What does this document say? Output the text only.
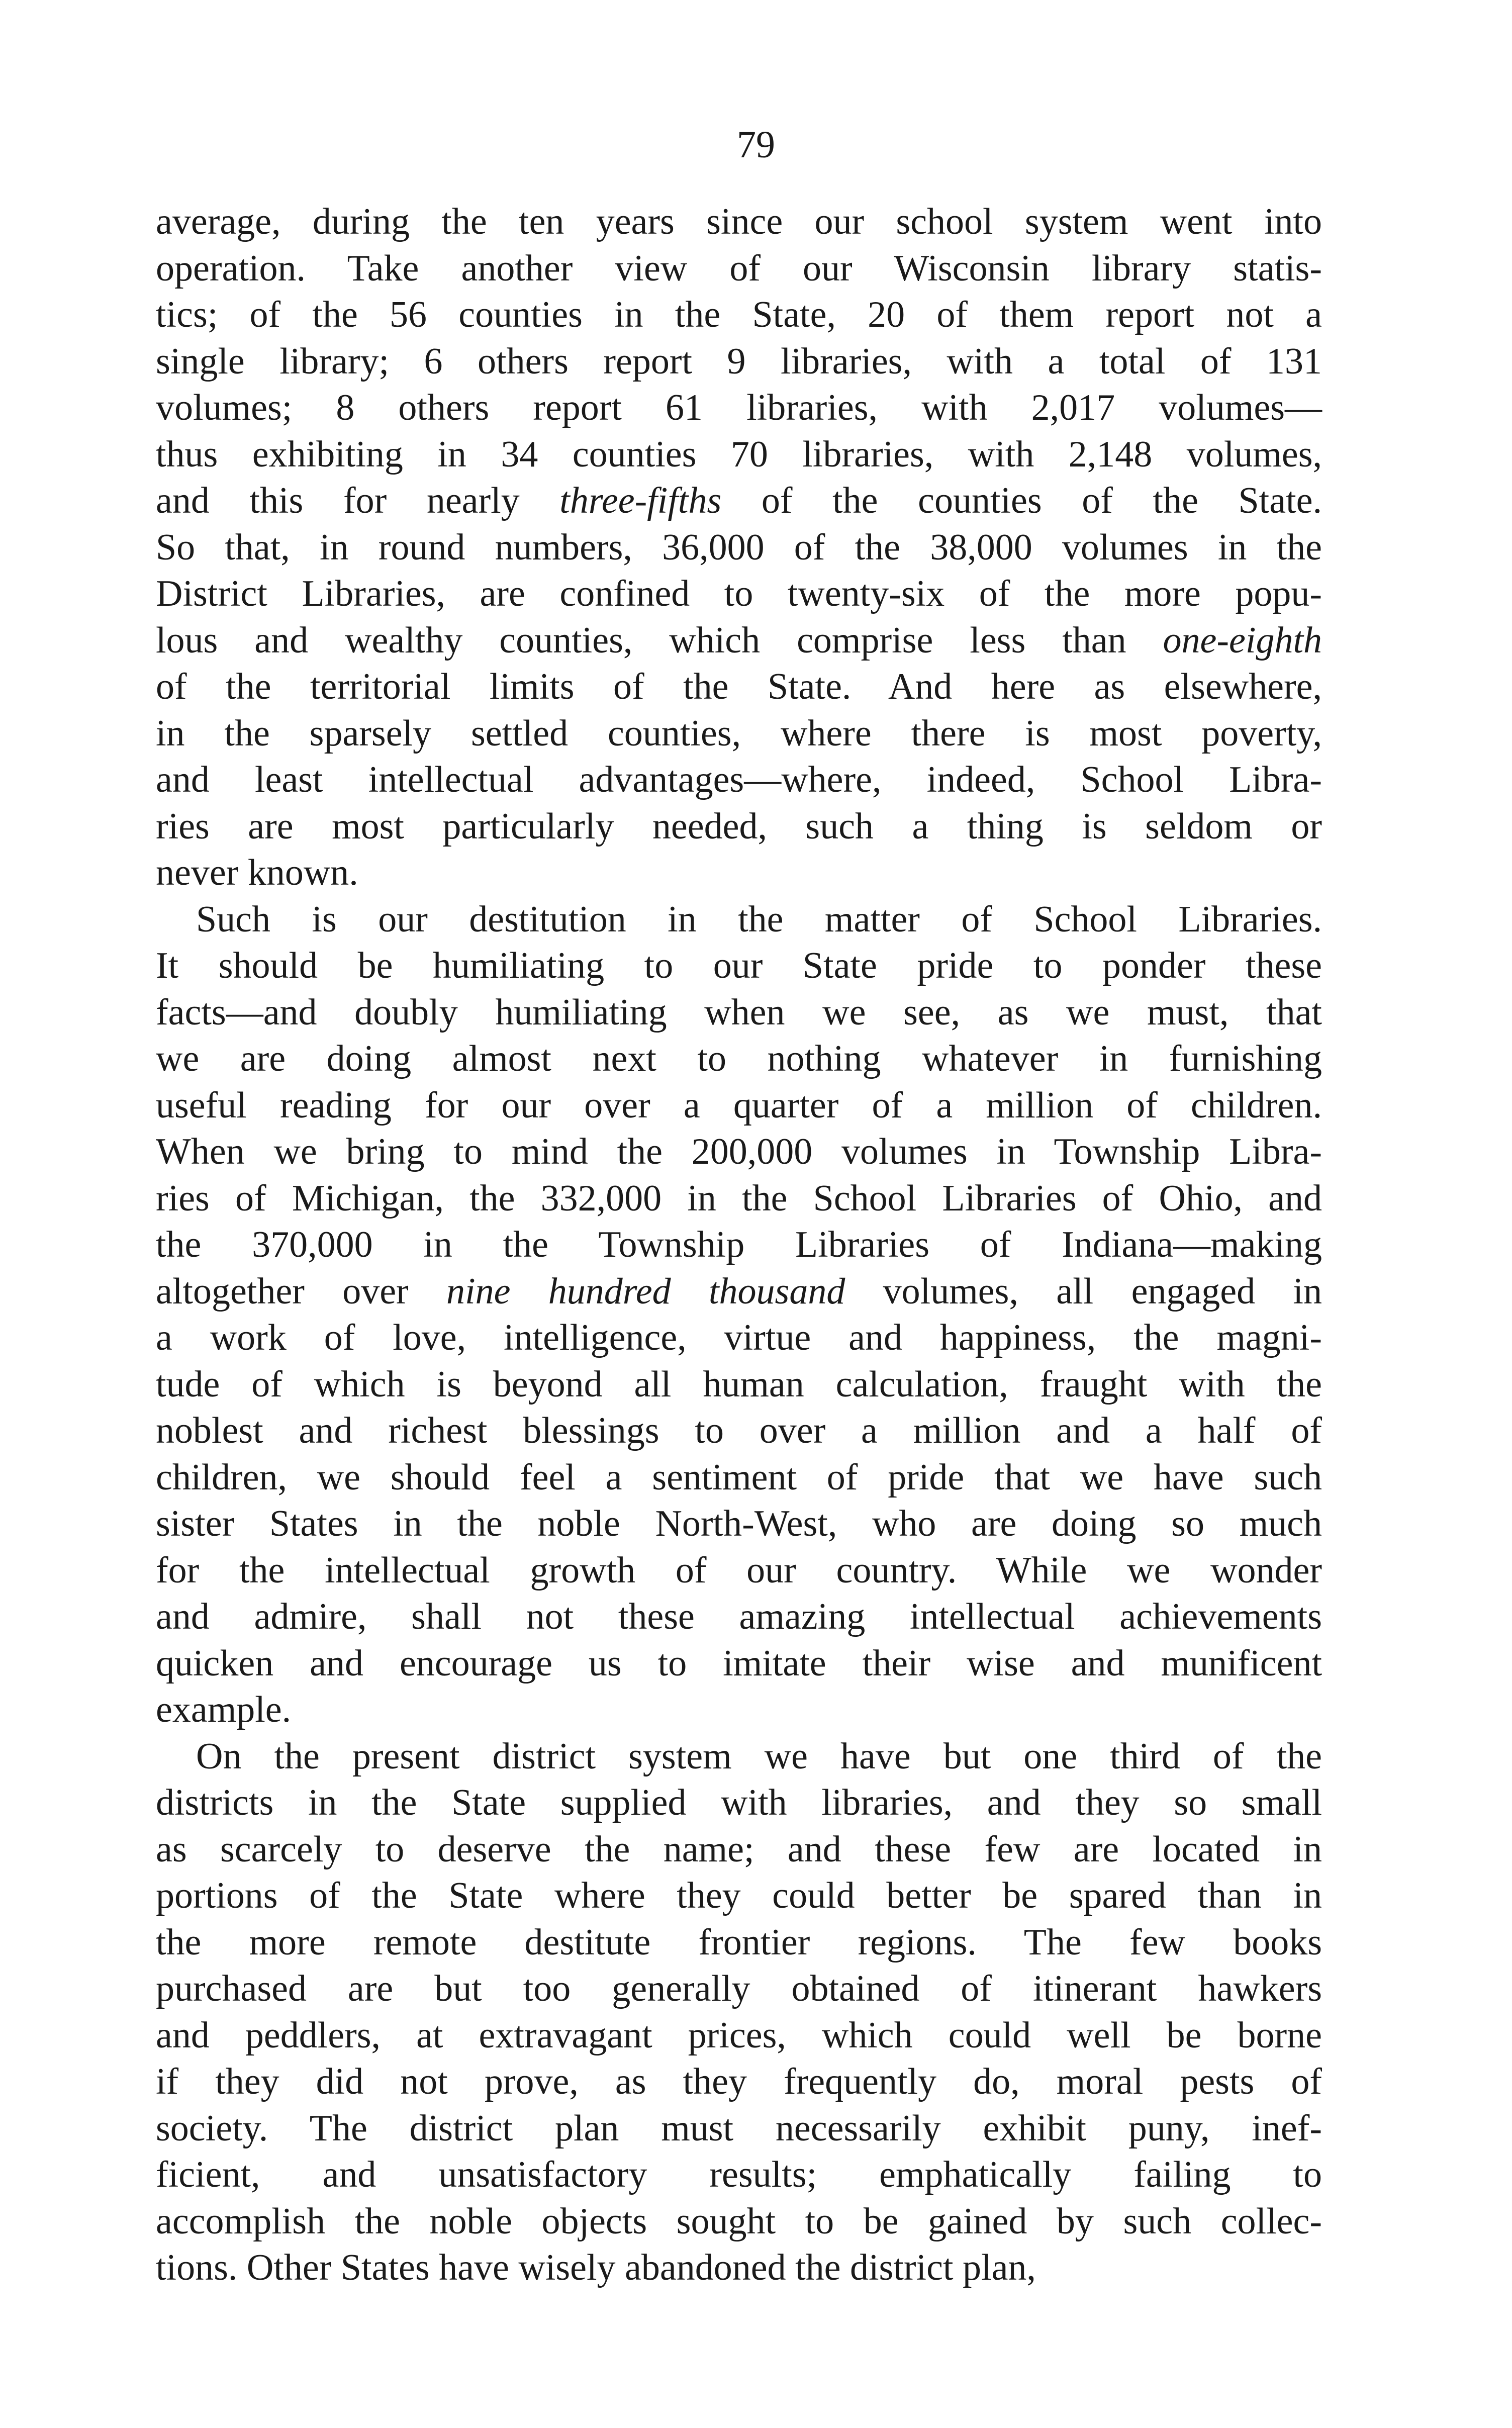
79
average, during the ten years since our school system went into
operation. Take another view of our Wisconsin library statis-
tics; of the 56 counties in the State, 20 of them report not a
single library; 6 others report 9 libraries, with a total of 131
volumes; 8 others report 61 libraries, with 2,017 volumes—
thus exhibiting in 34 counties 70 libraries, with 2,148 volumes,
and this for nearly three-fifths of the counties of the State.
So that, in round numbers, 36,000 of the 38,000 volumes in the
District Libraries, are confined to twenty-six of the more popu-
lous and wealthy counties, which comprise less than one-eighth
of the territorial limits of the State. And here as elsewhere,
in the sparsely settled counties, where there is most poverty,
and least intellectual advantages—where, indeed, School Libra-
ries are most particularly needed, such a thing is seldom or
never known.
Such is our destitution in the matter of School Libraries.
It should be humiliating to our State pride to ponder these
facts—and doubly humiliating when we see, as we must, that
we are doing almost next to nothing whatever in furnishing
useful reading for our over a quarter of a million of children.
When we bring to mind the 200,000 volumes in Township Libra-
ries of Michigan, the 332,000 in the School Libraries of Ohio, and
the 370,000 in the Township Libraries of Indiana—making
altogether over nine hundred thousand volumes, all engaged in
a work of love, intelligence, virtue and happiness, the magni-
tude of which is beyond all human calculation, fraught with the
noblest and richest blessings to over a million and a half of
children, we should feel a sentiment of pride that we have such
sister States in the noble North-West, who are doing so much
for the intellectual growth of our country. While we wonder
and admire, shall not these amazing intellectual achievements
quicken and encourage us to imitate their wise and munificent
example.
On the present district system we have but one third of the
districts in the State supplied with libraries, and they so small
as scarcely to deserve the name; and these few are located in
portions of the State where they could better be spared than in
the more remote destitute frontier regions. The few books
purchased are but too generally obtained of itinerant hawkers
and peddlers, at extravagant prices, which could well be borne
if they did not prove, as they frequently do, moral pests of
society. The district plan must necessarily exhibit puny, inef-
ficient, and unsatisfactory results; emphatically failing to
accomplish the noble objects sought to be gained by such collec-
tions. Other States have wisely abandoned the district plan,
